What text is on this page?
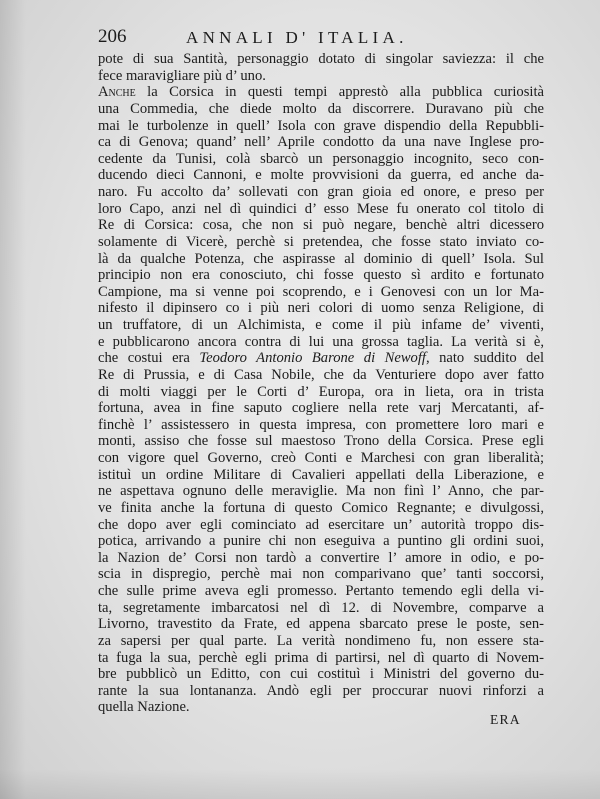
206	ANNALI D' ITALIA.
pote di sua Santità, personaggio dotato di singolar saviezza: il che
fece maravigliare più d’ uno.
Anche la Corsica in questi tempi apprestò alla pubblica curiosità
una Commedia, che diede molto da discorrere. Duravano più che
mai le turbolenze in quell’ Isola con grave dispendio della Repubbli-
ca di Genova; quand’ nell’ Aprile condotto da una nave Inglese pro-
cedente da Tunisi, colà sbarcò un personaggio incognito, seco con-
ducendo dieci Cannoni, e molte provvisioni da guerra, ed anche da-
naro. Fu accolto da’ sollevati con gran gioia ed onore, e preso per
loro Capo, anzi nel dì quindici d’ esso Mese fu onerato col titolo di
Re di Corsica: cosa, che non si può negare, benchè altri dicessero
solamente di Vicerè, perchè si pretendea, che fosse stato inviato co-
là da qualche Potenza, che aspirasse al dominio di quell’ Isola. Sul
principio non era conosciuto, chi fosse questo sì ardito e fortunato
Campione, ma si venne poi scoprendo, e i Genovesi con un lor Ma-
nifesto il dipinsero co i più neri colori di uomo senza Religione, di
un truffatore, di un Alchimista, e come il più infame de’ viventi,
e pubblicarono ancora contra di lui una grossa taglia. La verità si è,
che costui era Teodoro Antonio Barone di Newoff, nato suddito del
Re di Prussia, e di Casa Nobile, che da Venturiere dopo aver fatto
di molti viaggi per le Corti d’ Europa, ora in lieta, ora in trista
fortuna, avea in fine saputo cogliere nella rete varj Mercatanti, af-
finchè l’ assistessero in questa impresa, con promettere loro mari e
monti, assiso che fosse sul maestoso Trono della Corsica. Prese egli
con vigore quel Governo, creò Conti e Marchesi con gran liberalità;
istituì un ordine Militare di Cavalieri appellati della Liberazione, e
ne aspettava ognuno delle meraviglie. Ma non finì l’ Anno, che par-
ve finita anche la fortuna di questo Comico Regnante; e divulgossi,
che dopo aver egli cominciato ad esercitare un’ autorità troppo dis-
potica, arrivando a punire chi non eseguiva a puntino gli ordini suoi,
la Nazion de’ Corsi non tardò a convertire l’ amore in odio, e po-
scia in dispregio, perchè mai non comparivano que’ tanti soccorsi,
che sulle prime aveva egli promesso. Pertanto temendo egli della vi-
ta, segretamente imbarcatosi nel dì 12. di Novembre, comparve a
Livorno, travestito da Frate, ed appena sbarcato prese le poste, sen-
za sapersi per qual parte. La verità nondimeno fu, non essere sta-
ta fuga la sua, perchè egli prima di partirsi, nel dì quarto di Novem-
bre pubblicò un Editto, con cui costituì i Ministri del governo du-
rante la sua lontananza. Andò egli per proccurar nuovi rinforzi a
quella Nazione.
ERA
